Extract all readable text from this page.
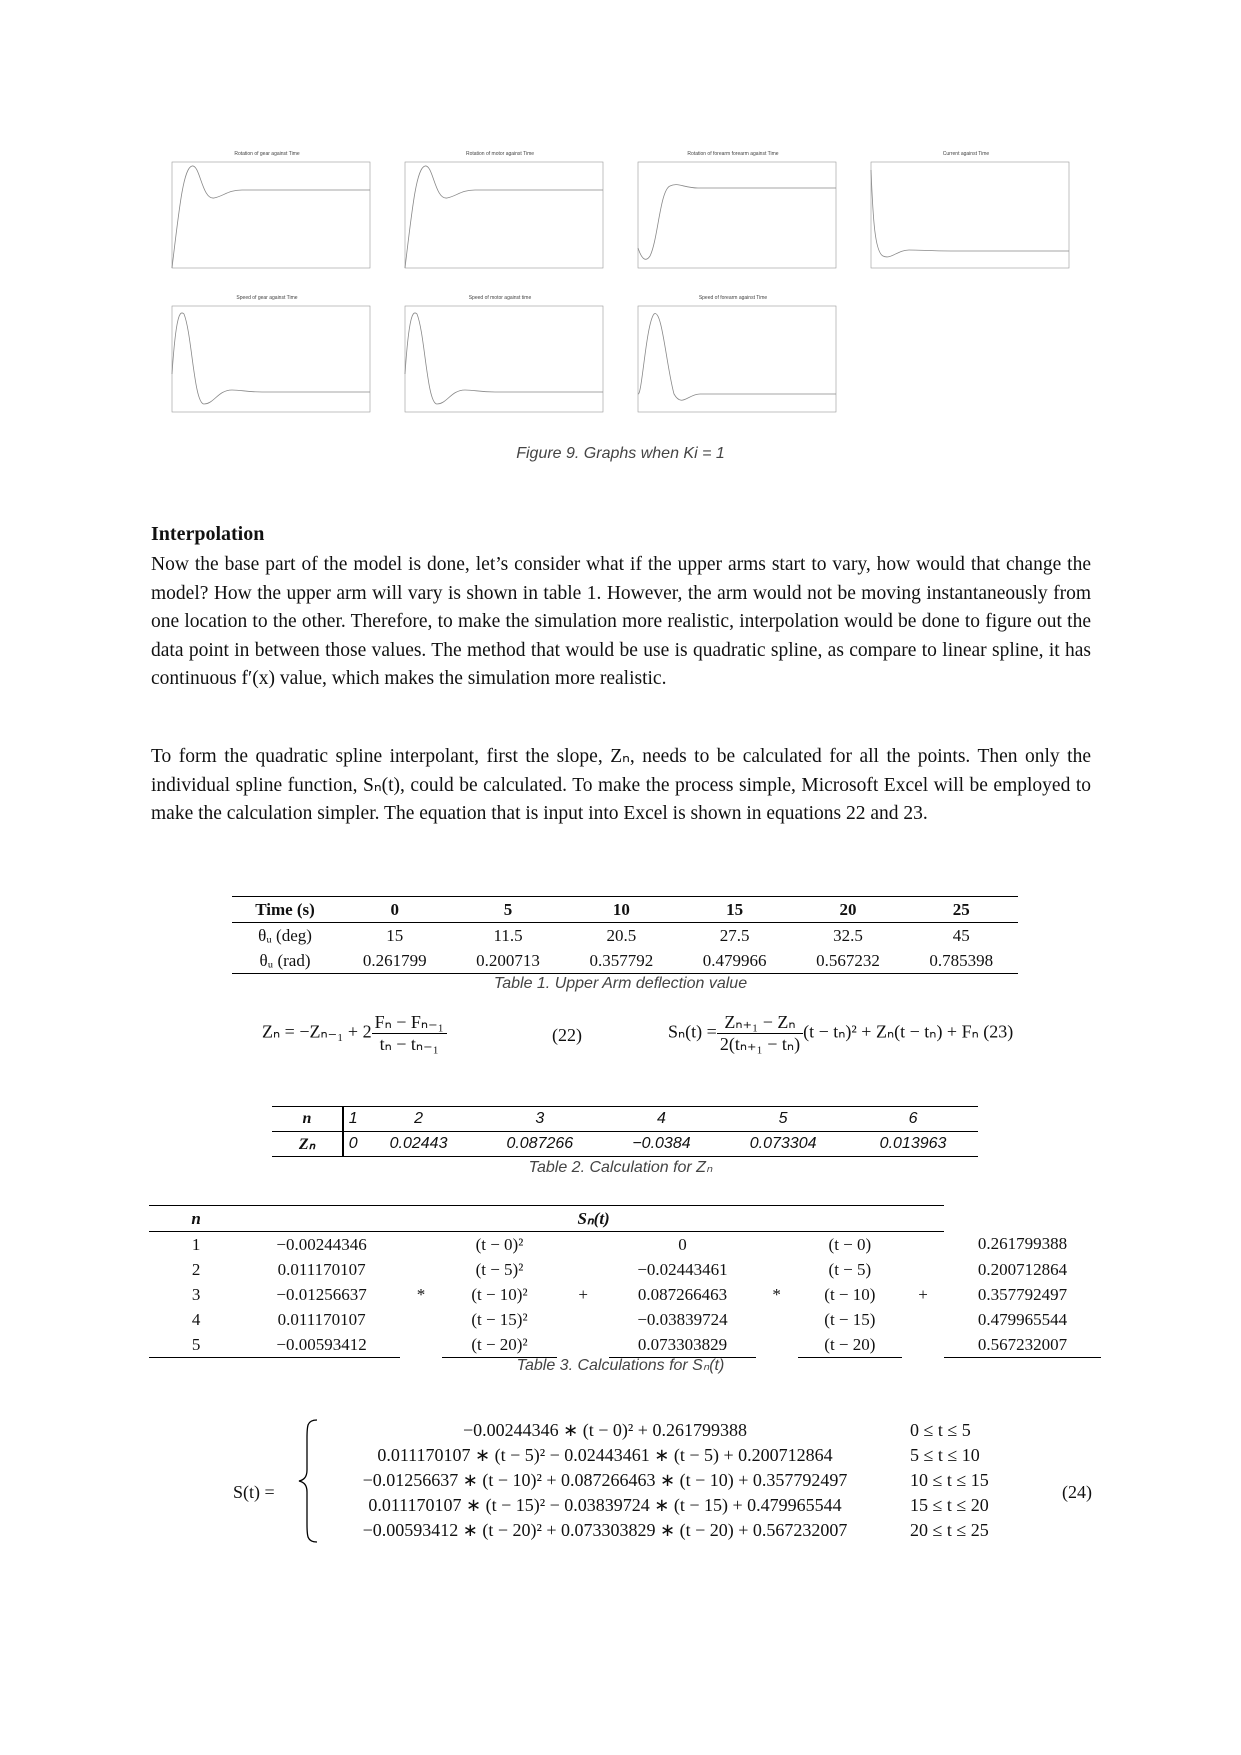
Rotation of gear against Time	Rotation of motor against Time	Rotation of forearm forearm against Time	Current against Time
Speed of gear against Time	Speed of motor against time	Speed of forearm against Time
Figure 9. Graphs when Ki = 1
Interpolation

Now the base part of the model is done, let’s consider what if the upper arms start to vary, how would that change the model? How the upper arm will vary is shown in table 1. However, the arm would not be moving instantaneously from one location to the other. Therefore, to make the simulation more realistic, interpolation would be done to figure out the data point in between those values. The method that would be use is quadratic spline, as compare to linear spline, it has continuous f′(x) value, which makes the simulation more realistic.

To form the quadratic spline interpolant, first the slope, Zₙ, needs to be calculated for all the points. Then only the individual spline function, Sₙ(t), could be calculated. To make the process simple, Microsoft Excel will be employed to make the calculation simpler. The equation that is input into Excel is shown in equations 22 and 23.

Time (s)	0	5	10	15	20	25
θᵤ (deg)	15	11.5	20.5	27.5	32.5	45
θᵤ (rad)	0.261799	0.200713	0.357792	0.479966	0.567232	0.785398
Table 1. Upper Arm deflection value
$Z_n = -Z_{n-1} + 2 \frac{\text{Fₙ − Fₙ₋₁}}{\text{tₙ − tₙ₋₁}}$	(22)	$S_n(t) = \frac{\text{Zₙ₊₁ − Zₙ}}{\text{2(tₙ₊₁ − tₙ)}} (t - t_n)^2 + Z_n(t - t_n) + F_n$ (23)
n	1	2	3	4	5	6
Zₙ	0	0.02443	0.087266	−0.0384	0.073304	0.013963
Table 2. Calculation for Zₙ
n	Sₙ(t)								
1	−0.00244346	*	(t − 0)²	+	0	*	(t − 0)	+	0.261799388
2	0.011170107		(t − 5)²		−0.02443461		(t − 5)		0.200712864
3	−0.01256637		(t − 10)²		0.087266463		(t − 10)		0.357792497
4	0.011170107		(t − 15)²		−0.03839724		(t − 15)		0.479965544
5	−0.00593412		(t − 20)²		0.073303829		(t − 20)		0.567232007
Table 3. Calculations for Sₙ(t)
S(t) =
−0.00244346 ∗ (t − 0)² + 0.261799388
0.011170107 ∗ (t − 5)² − 0.02443461 ∗ (t − 5) + 0.200712864
−0.01256637 ∗ (t − 10)² + 0.087266463 ∗ (t − 10) + 0.357792497
0.011170107 ∗ (t − 15)² − 0.03839724 ∗ (t − 15) + 0.479965544
−0.00593412 ∗ (t − 20)² + 0.073303829 ∗ (t − 20) + 0.567232007
0 ≤ t ≤ 5
5 ≤ t ≤ 10
10 ≤ t ≤ 15
15 ≤ t ≤ 20
20 ≤ t ≤ 25
(24)
